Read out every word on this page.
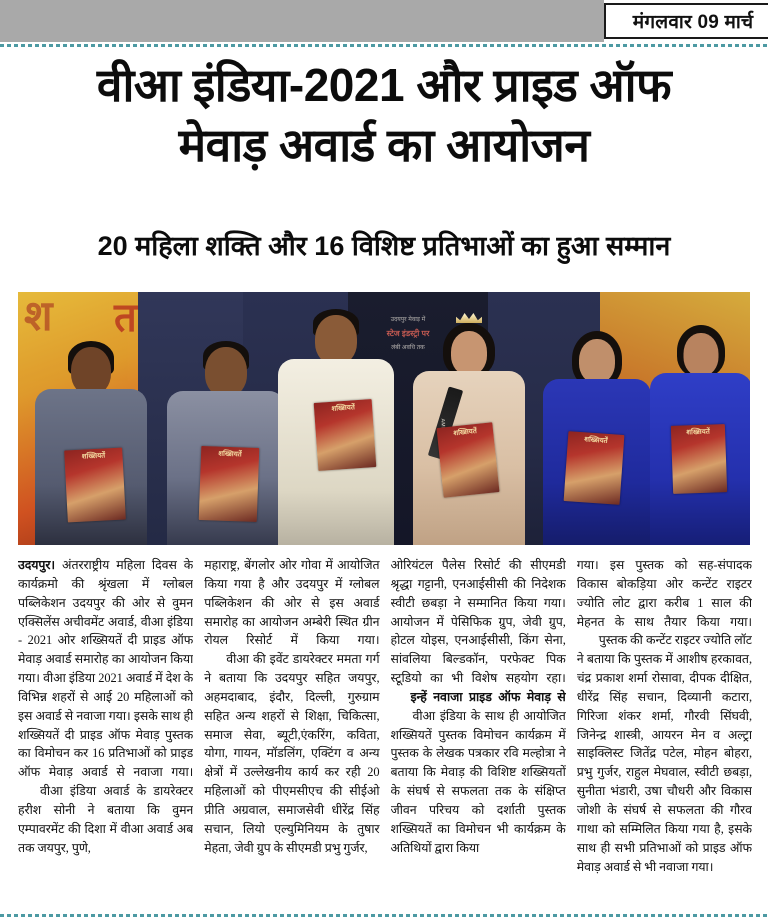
मंगलवार 09 मार्च
वीआ इंडिया-2021 और प्राइड ऑफ
मेवाड़ अवार्ड का आयोजन
20 महिला शक्ति और 16 विशिष्ट प्रतिभाओं का हुआ सम्मान
श त	उदयपुर मेवाड़ में
स्टेज इंडस्ट्री पर
लंबी अवधि तक
शख्सियतें	शख्सियतें
शख्सियतें
शख्सियतें
शख्सियतें
शख्सियतें

उदयपुर। अंतरराष्ट्रीय महिला दिवस के कार्यक्रमो की श्रृंखला में ग्लोबल पब्लिकेशन उदयपुर की ओर से वुमन एक्सिलेंस अचीवमेंट अवार्ड, वीआ इंडिया - 2021 ओर शख्सियतें दी प्राइड ऑफ मेवाड़ अवार्ड समारोह का आयोजन किया गया। वीआ इंडिया 2021 अवार्ड में देश के विभिन्न शहरों से आई 20 महिलाओं को इस अवार्ड से नवाजा गया। इसके साथ ही शख्सियतें दी प्राइड ऑफ मेवाड़ पुस्तक का विमोचन कर 16 प्रतिभाओं को प्राइड ऑफ मेवाड़ अवार्ड से नवाजा गया।

वीआ इंडिया अवार्ड के डायरेक्टर हरीश सोनी ने बताया कि वुमन एम्पावरमेंट की दिशा में वीआ अवार्ड अब तक जयपुर, पुणे,

महाराष्ट्र, बेंगलोर ओर गोवा में आयोजित किया गया है और उदयपुर में ग्लोबल पब्लिकेशन की ओर से इस अवार्ड समारोह का आयोजन अम्बेरी स्थित ग्रीन रोयल रिसोर्ट में किया गया।

वीआ की इवेंट डायरेक्टर ममता गर्ग ने बताया कि उदयपुर सहित जयपुर, अहमदाबाद, इंदौर, दिल्ली, गुरुग्राम सहित अन्य शहरों से शिक्षा, चिकित्सा, समाज सेवा, ब्यूटी,एंकरिंग, कविता, योगा, गायन, मॉडलिंग, एक्टिंग व अन्य क्षेत्रों में उल्लेखनीय कार्य कर रही 20 महिलाओं को पीएमसीएच की सीईओ प्रीति अग्रवाल, समाजसेवी धीरेंद्र सिंह सचान, लियो एल्युमिनियम के तुषार मेहता, जेवी ग्रुप के सीएमडी प्रभु गुर्जर,

ओरियंटल पैलेस रिसोर्ट की सीएमडी श्रृद्धा गट्टानी, एनआईसीसी की निदेशक स्वीटी छबड़ा ने सम्मानित किया गया। आयोजन में पेसिफिक ग्रुप, जेवी ग्रुप, होटल योइस, एनआईसीसी, किंग सेना, सांवलिया बिल्डकॉन, परफेक्ट पिक स्टूडियो का भी विशेष सहयोग रहा।

इन्हें नवाजा प्राइड ऑफ मेवाड़ से

वीआ इंडिया के साथ ही आयोजित शख्सियतें पुस्तक विमोचन कार्यक्रम में पुस्तक के लेखक पत्रकार रवि मल्होत्रा ने बताया कि मेवाड़ की विशिष्ट शख्सियतों के संघर्ष से सफलता तक के संक्षिप्त जीवन परिचय को दर्शाती पुस्तक शख्सियतें का विमोचन भी कार्यक्रम के अतिथियों द्वारा किया

गया। इस पुस्तक को सह-संपादक विकास बोकड़िया ओर कन्टेंट राइटर ज्योति लोट द्वारा करीब 1 साल की मेहनत के साथ तैयार किया गया।

पुस्तक की कन्टेंट राइटर ज्योति लॉट ने बताया कि पुस्तक में आशीष हरकावत, चंद्र प्रकाश शर्मा रोसावा, दीपक दीक्षित, धीरेंद्र सिंह सचान, दिव्यानी कटारा, गिरिजा शंकर शर्मा, गौरवी सिंघवी, जिनेन्द्र शास्त्री, आयरन मेन व अल्ट्रा साइक्लिस्ट जितेंद्र पटेल, मोहन बोहरा, प्रभु गुर्जर, राहुल मेघवाल, स्वीटी छबड़ा, सुनीता भंडारी, उषा चौधरी और विकास जोशी के संघर्ष से सफलता की गौरव गाथा को सम्मिलित किया गया है, इसके साथ ही सभी प्रतिभाओं को प्राइड ऑफ मेवाड़ अवार्ड से भी नवाजा गया।
